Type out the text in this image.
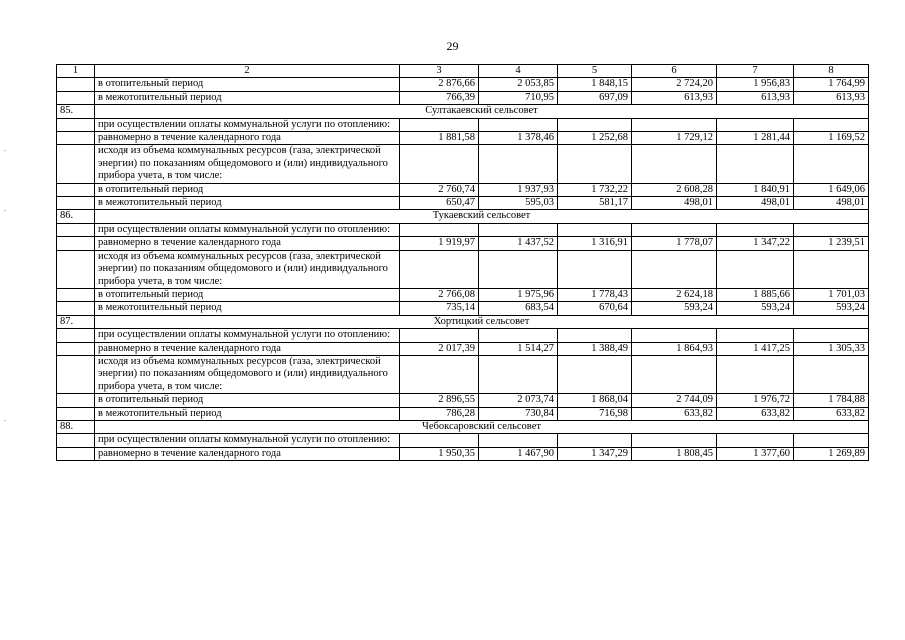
29
1	2	3	4	5	6	7	8
	в отопительный период	2 876,66	2 053,85	1 848,15	2 724,20	1 956,83	1 764,99
	в межотопительный период	766,39	710,95	697,09	613,93	613,93	613,93
85.	Султакаевский сельсовет						
	при осуществлении оплаты коммунальной услуги по отоплению:						
	равномерно в течение календарного года	1 881,58	1 378,46	1 252,68	1 729,12	1 281,44	1 169,52
	исходя из объема коммунальных ресурсов (газа, электрической энергии) по показаниям общедомового и (или) индивидуального прибора учета, в том числе:						
	в отопительный период	2 760,74	1 937,93	1 732,22	2 608,28	1 840,91	1 649,06
	в межотопительный период	650,47	595,03	581,17	498,01	498,01	498,01
86.	Тукаевский сельсовет						
	при осуществлении оплаты коммунальной услуги по отоплению:						
	равномерно в течение календарного года	1 919,97	1 437,52	1 316,91	1 778,07	1 347,22	1 239,51
	исходя из объема коммунальных ресурсов (газа, электрической энергии) по показаниям общедомового и (или) индивидуального прибора учета, в том числе:						
	в отопительный период	2 766,08	1 975,96	1 778,43	2 624,18	1 885,66	1 701,03
	в межотопительный период	735,14	683,54	670,64	593,24	593,24	593,24
87.	Хортицкий сельсовет						
	при осуществлении оплаты коммунальной услуги по отоплению:						
	равномерно в течение календарного года	2 017,39	1 514,27	1 388,49	1 864,93	1 417,25	1 305,33
	исходя из объема коммунальных ресурсов (газа, электрической энергии) по показаниям общедомового и (или) индивидуального прибора учета, в том числе:						
	в отопительный период	2 896,55	2 073,74	1 868,04	2 744,09	1 976,72	1 784,88
	в межотопительный период	786,28	730,84	716,98	633,82	633,82	633,82
88.	Чебоксаровский сельсовет						
	при осуществлении оплаты коммунальной услуги по отоплению:						
	равномерно в течение календарного года	1 950,35	1 467,90	1 347,29	1 808,45	1 377,60	1 269,89
